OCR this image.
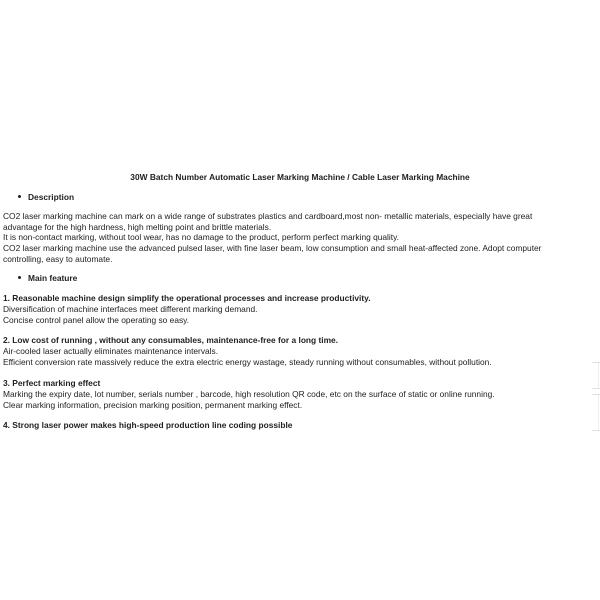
30W Batch Number Automatic Laser Marking Machine / Cable Laser Marking Machine
Description
CO2 laser marking machine can mark on a wide range of substrates plastics and cardboard,most non- metallic materials, especially have great
advantage for the high hardness, high melting point and brittle materials.
It is non-contact marking, without tool wear, has no damage to the product, perform perfect marking quality.
CO2 laser marking machine use the advanced pulsed laser, with fine laser beam, low consumption and small heat-affected zone. Adopt computer
controlling, easy to automate.
Main feature
1. Reasonable machine design simplify the operational processes and increase productivity.
Diversification of machine interfaces meet different marking demand.
Concise control panel allow the operating so easy.
2. Low cost of running , without any consumables, maintenance-free for a long time.
Air-cooled laser actually eliminates maintenance intervals.
Efficient conversion rate massively reduce the extra electric energy wastage, steady running without consumables, without pollution.
3. Perfect marking effect
Marking the expiry date, lot number, serials number , barcode, high resolution QR code, etc on the surface of static or online running.
Clear marking information, precision marking position, permanent marking effect.
4. Strong laser power makes high-speed production line coding possible
